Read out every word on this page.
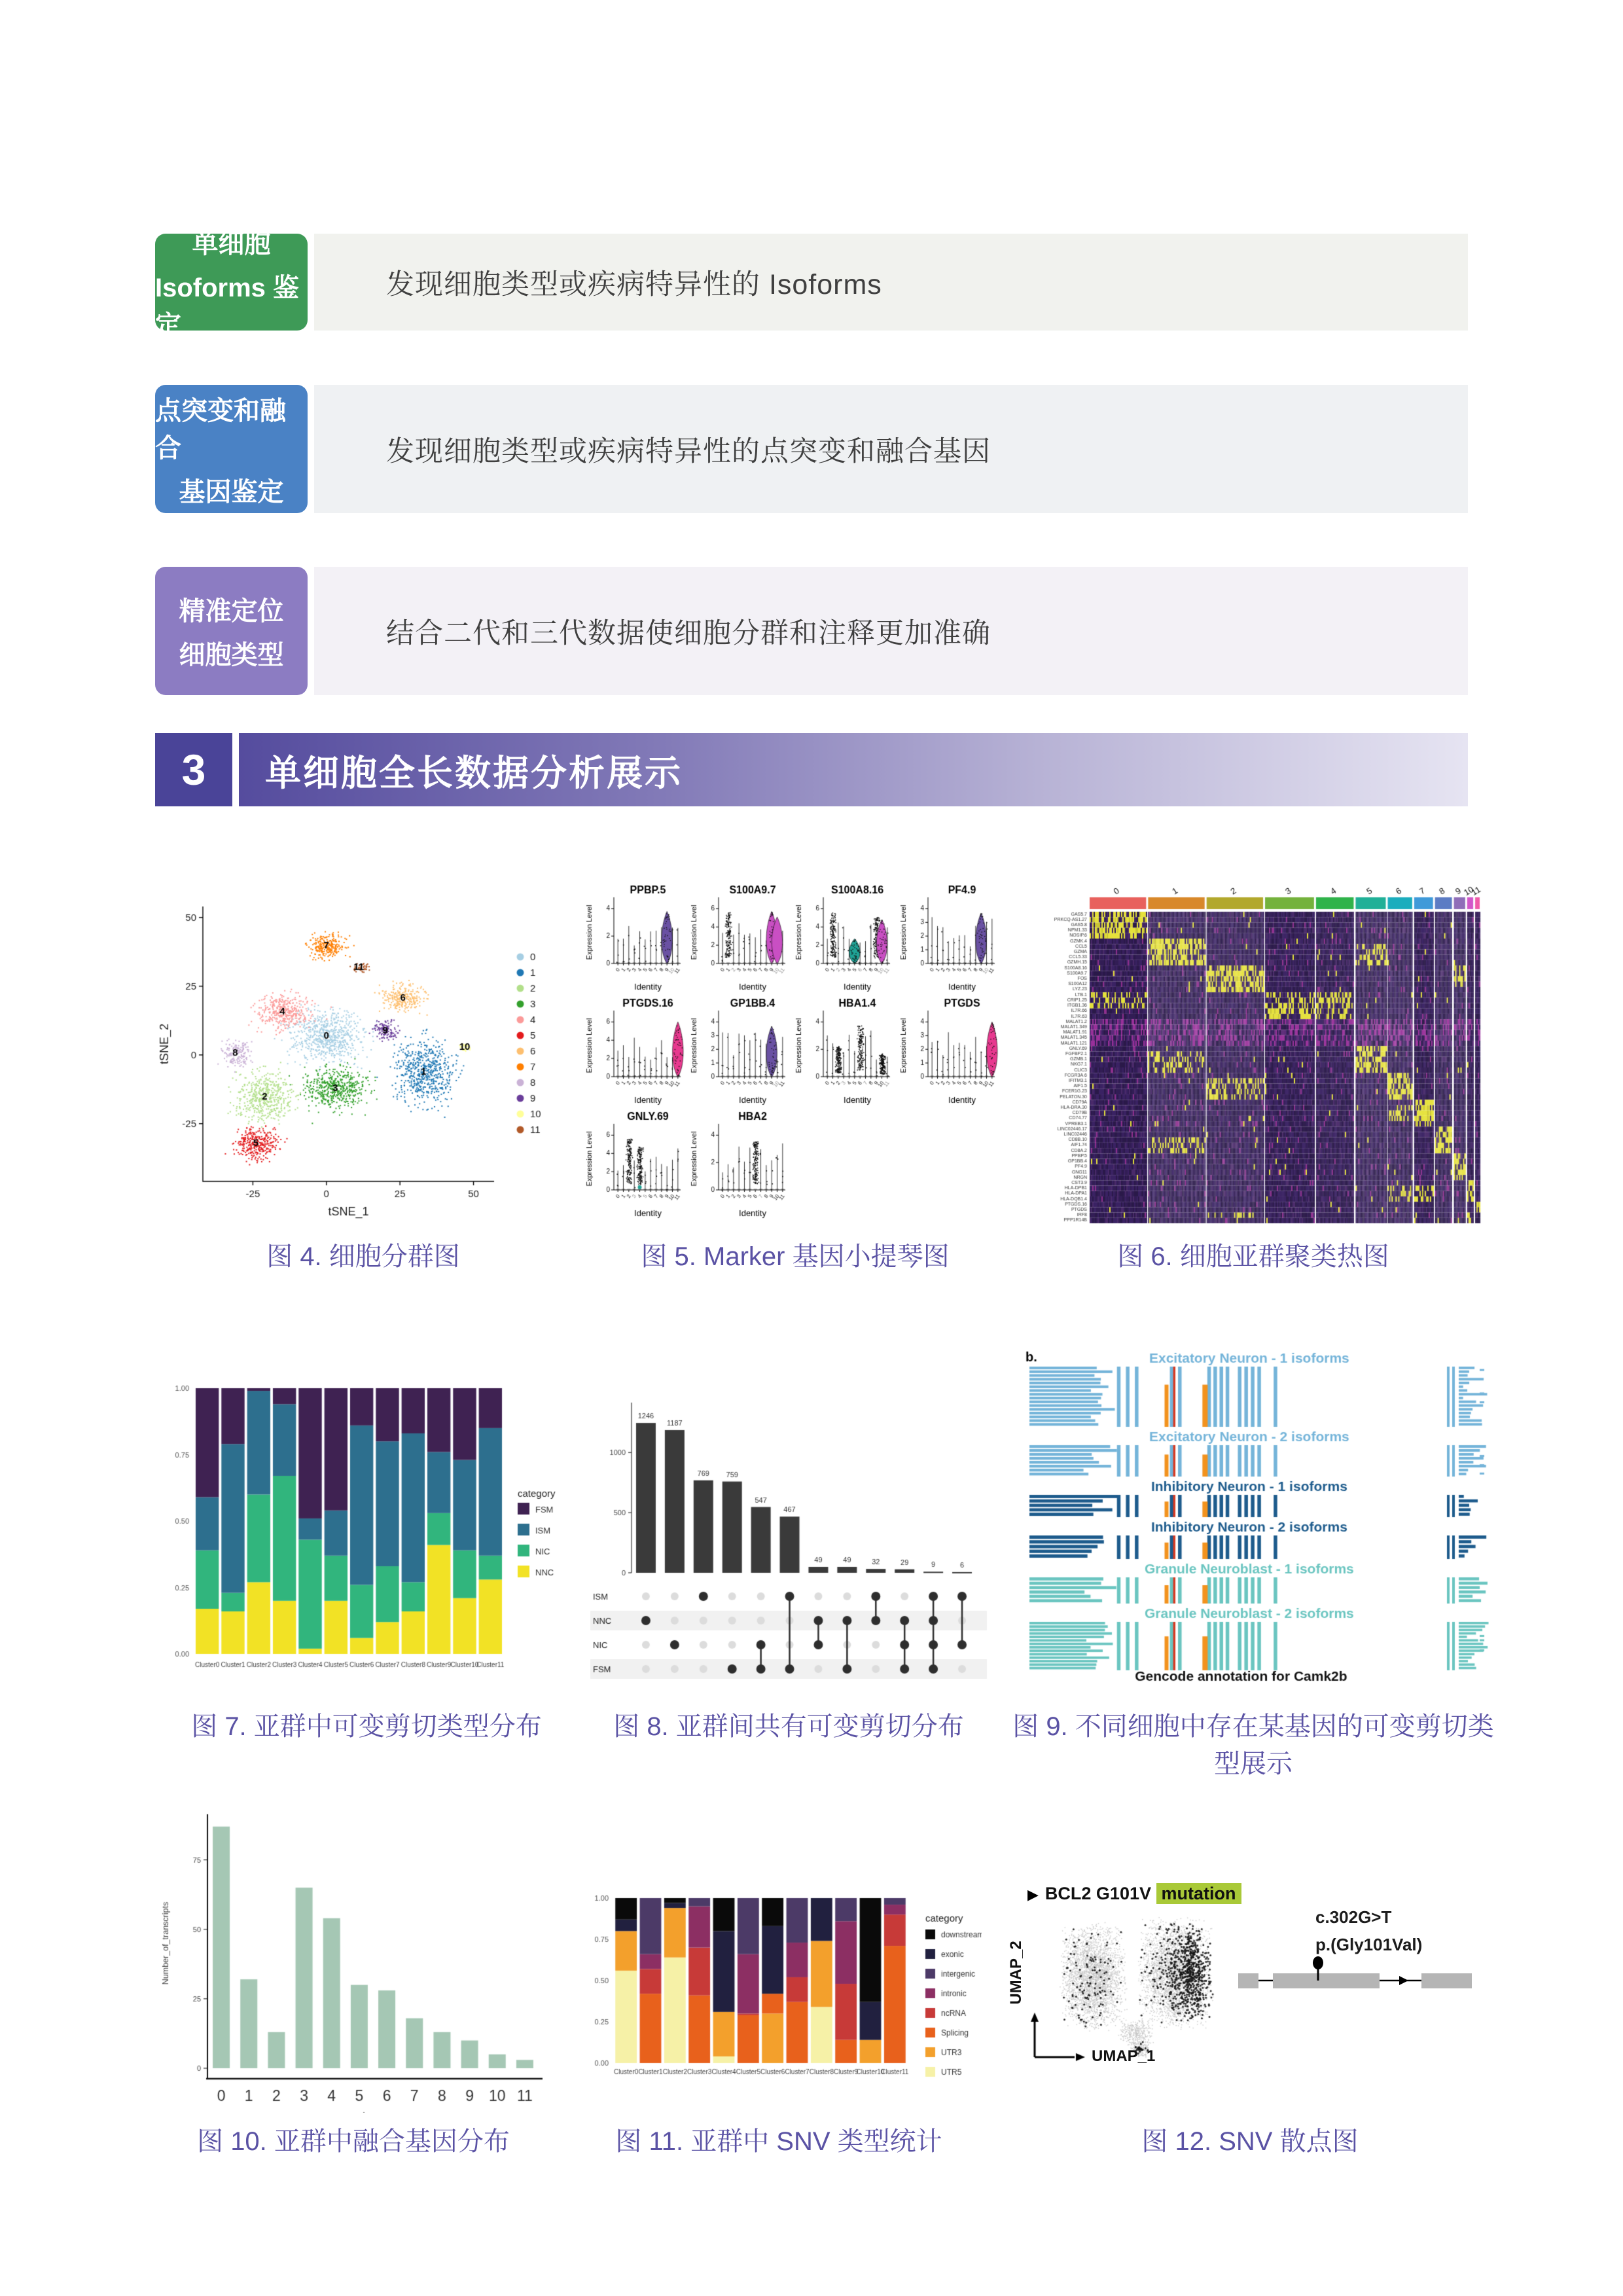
单细胞
Isoforms 鉴定
发现细胞类型或疾病特异性的 Isoforms
点突变和融合
基因鉴定
发现细胞类型或疾病特异性的点突变和融合基因
精准定位
细胞类型
结合二代和三代数据使细胞分群和注释更加准确
3	单细胞全长数据分析展示
图 4. 细胞分群图	图 5. Marker 基因小提琴图	图 6. 细胞亚群聚类热图
图 7. 亚群中可变剪切类型分布	图 8. 亚群间共有可变剪切分布	图 9. 不同细胞中存在某基因的可变剪切类型展示
图 10. 亚群中融合基因分布	图 11. 亚群中 SNV 类型统计
▶ BCL2 G101V mutation
UMAP_2
UMAP_1
c.302G>T
p.(Gly101Val)
图 12. SNV 散点图
